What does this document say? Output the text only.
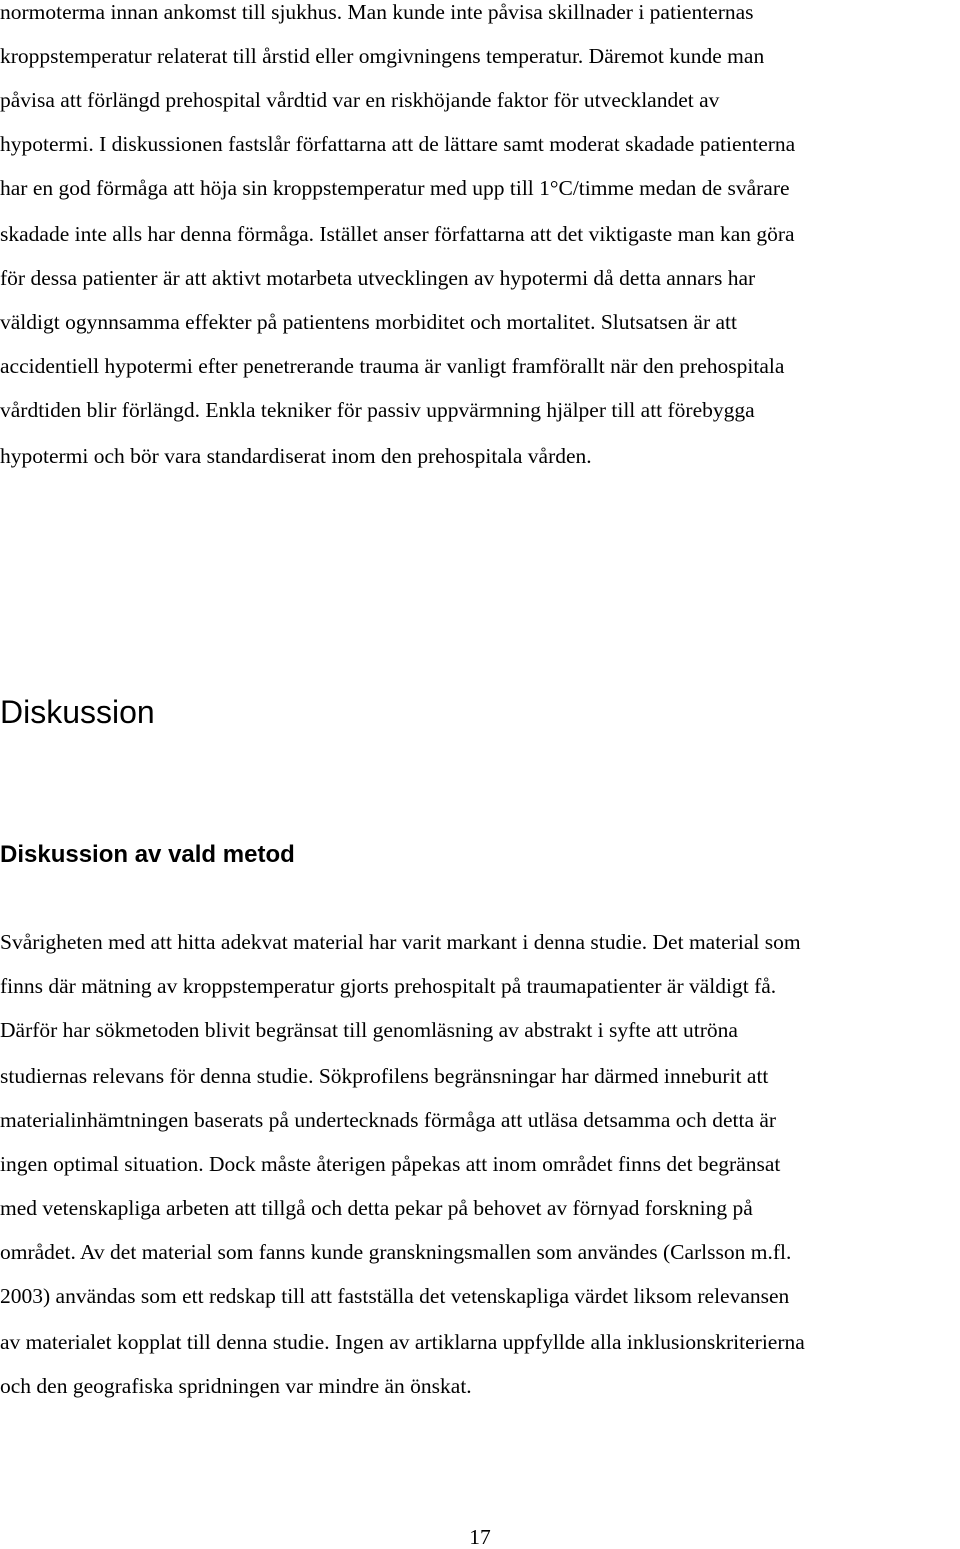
normoterma innan ankomst till sjukhus. Man kunde inte påvisa skillnader i patienternas
kroppstemperatur relaterat till årstid eller omgivningens temperatur. Däremot kunde man
påvisa att förlängd prehospital vårdtid var en riskhöjande faktor för utvecklandet av
hypotermi. I diskussionen fastslår författarna att de lättare samt moderat skadade patienterna
har en god förmåga att höja sin kroppstemperatur med upp till 1°C/timme medan de svårare
skadade inte alls har denna förmåga. Istället anser författarna att det viktigaste man kan göra
för dessa patienter är att aktivt motarbeta utvecklingen av hypotermi då detta annars har
väldigt ogynnsamma effekter på patientens morbiditet och mortalitet. Slutsatsen är att
accidentiell hypotermi efter penetrerande trauma är vanligt framförallt när den prehospitala
vårdtiden blir förlängd. Enkla tekniker för passiv uppvärmning hjälper till att förebygga
hypotermi och bör vara standardiserat inom den prehospitala vården.
Diskussion
Diskussion av vald metod
Svårigheten med att hitta adekvat material har varit markant i denna studie. Det material som
finns där mätning av kroppstemperatur gjorts prehospitalt på traumapatienter är väldigt få.
Därför har sökmetoden blivit begränsat till genomläsning av abstrakt i syfte att utröna
studiernas relevans för denna studie. Sökprofilens begränsningar har därmed inneburit att
materialinhämtningen baserats på undertecknads förmåga att utläsa detsamma och detta är
ingen optimal situation. Dock måste återigen påpekas att inom området finns det begränsat
med vetenskapliga arbeten att tillgå och detta pekar på behovet av förnyad forskning på
området. Av det material som fanns kunde granskningsmallen som användes (Carlsson m.fl.
2003) användas som ett redskap till att fastställa det vetenskapliga värdet liksom relevansen
av materialet kopplat till denna studie. Ingen av artiklarna uppfyllde alla inklusionskriterierna
och den geografiska spridningen var mindre än önskat.
17
